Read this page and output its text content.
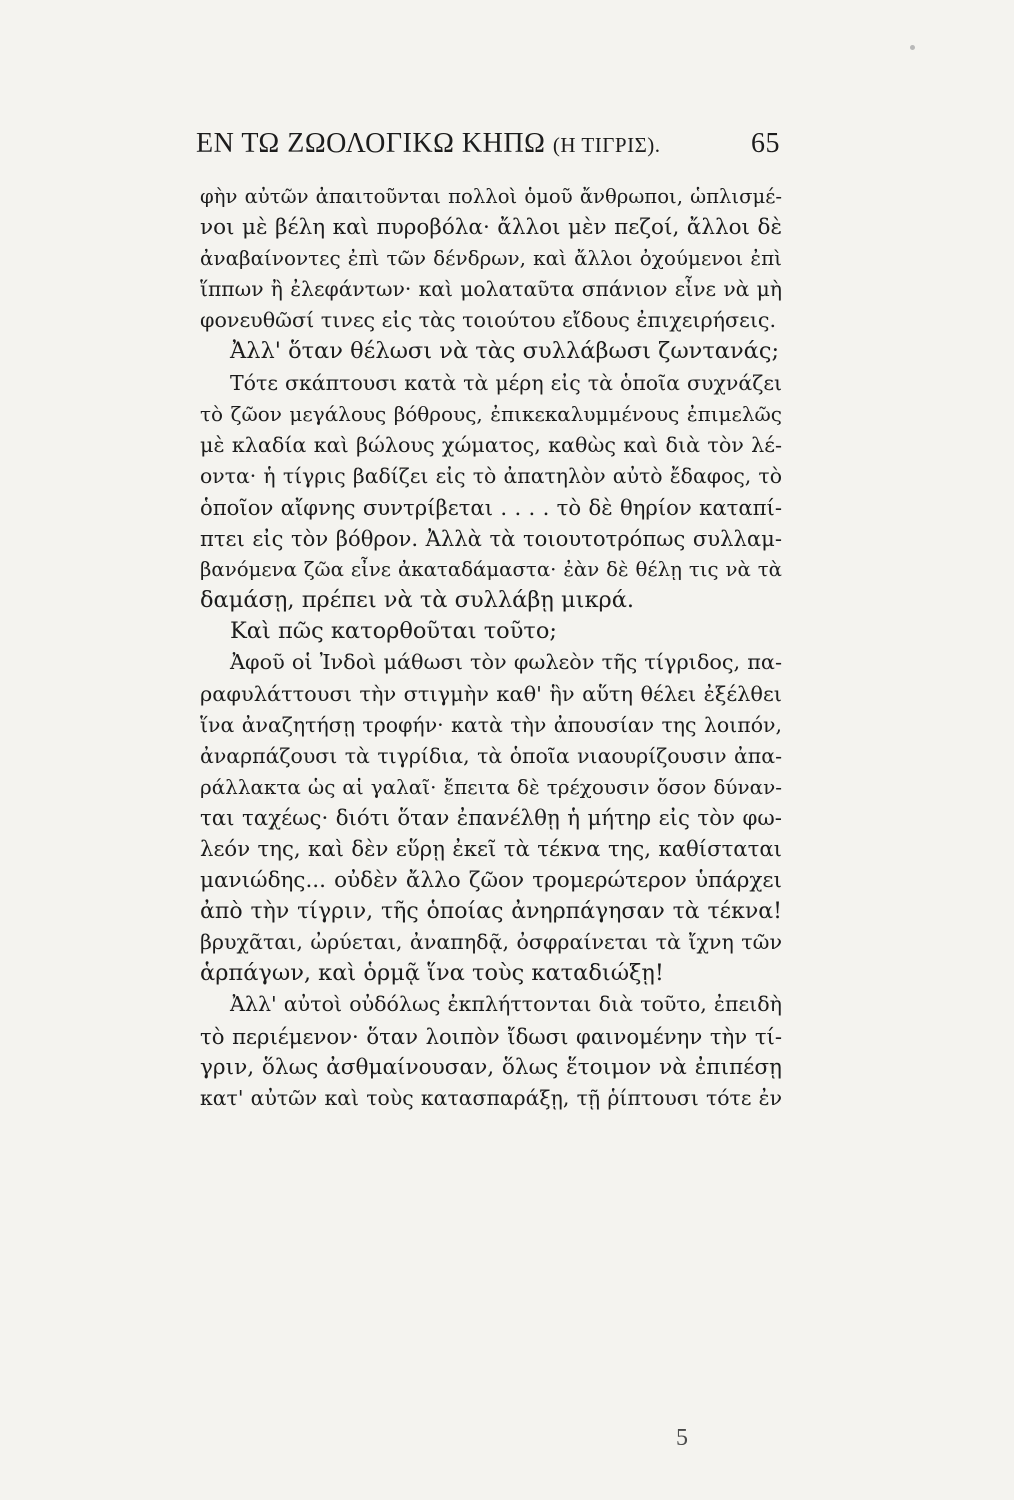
ΕΝ ΤΩ ΖΩΟΛΟΓΙΚΩ ΚΗΠΩ (Η ΤΙΓΡΙΣ).	65
φὴν αὐτῶν ἀπαιτοῦνται πολλοὶ ὁμοῦ ἄνθρωποι, ὡπλισμέ-
νοι μὲ βέλη καὶ πυροβόλα· ἄλλοι μὲν πεζοί, ἄλλοι δὲ
ἀναβαίνοντες ἐπὶ τῶν δένδρων, καὶ ἄλλοι ὀχούμενοι ἐπὶ
ἵππων ἢ ἐλεφάντων· καὶ μολαταῦτα σπάνιον εἶνε νὰ μὴ
φονευθῶσί τινες εἰς τὰς τοιούτου εἴδους ἐπιχειρήσεις.
Ἀλλ' ὅταν θέλωσι νὰ τὰς συλλάβωσι ζωντανάς;
Τότε σκάπτουσι κατὰ τὰ μέρη εἰς τὰ ὁποῖα συχνάζει
τὸ ζῶον μεγάλους βόθρους, ἐπικεκαλυμμένους ἐπιμελῶς
μὲ κλαδία καὶ βώλους χώματος, καθὼς καὶ διὰ τὸν λέ-
οντα· ἡ τίγρις βαδίζει εἰς τὸ ἀπατηλὸν αὐτὸ ἔδαφος, τὸ
ὁποῖον αἴφνης συντρίβεται . . . . τὸ δὲ θηρίον καταπί-
πτει εἰς τὸν βόθρον. Ἀλλὰ τὰ τοιουτοτρόπως συλλαμ-
βανόμενα ζῶα εἶνε ἀκαταδάμαστα· ἐὰν δὲ θέλῃ τις νὰ τὰ
δαμάσῃ, πρέπει νὰ τὰ συλλάβῃ μικρά.
Καὶ πῶς κατορθοῦται τοῦτο;
Ἀφοῦ οἱ Ἰνδοὶ μάθωσι τὸν φωλεὸν τῆς τίγριδος, πα-
ραφυλάττουσι τὴν στιγμὴν καθ' ἣν αὕτη θέλει ἐξέλθει
ἵνα ἀναζητήσῃ τροφήν· κατὰ τὴν ἀπουσίαν της λοιπόν,
ἀναρπάζουσι τὰ τιγρίδια, τὰ ὁποῖα νιαουρίζουσιν ἀπα-
ράλλακτα ὡς αἱ γαλαῖ· ἔπειτα δὲ τρέχουσιν ὅσον δύναν-
ται ταχέως· διότι ὅταν ἐπανέλθῃ ἡ μήτηρ εἰς τὸν φω-
λεόν της, καὶ δὲν εὕρῃ ἐκεῖ τὰ τέκνα της, καθίσταται
μανιώδης... οὐδὲν ἄλλο ζῶον τρομερώτερον ὑπάρχει
ἀπὸ τὴν τίγριν, τῆς ὁποίας ἀνηρπάγησαν τὰ τέκνα!
βρυχᾶται, ὠρύεται, ἀναπηδᾷ, ὀσφραίνεται τὰ ἴχνη τῶν
ἁρπάγων, καὶ ὁρμᾷ ἵνα τοὺς καταδιώξῃ!
Ἀλλ' αὐτοὶ οὐδόλως ἐκπλήττονται διὰ τοῦτο, ἐπειδὴ
τὸ περιέμενον· ὅταν λοιπὸν ἴδωσι φαινομένην τὴν τί-
γριν, ὅλως ἀσθμαίνουσαν, ὅλως ἕτοιμον νὰ ἐπιπέσῃ
κατ' αὐτῶν καὶ τοὺς κατασπαράξῃ, τῇ ῥίπτουσι τότε ἐν
5
